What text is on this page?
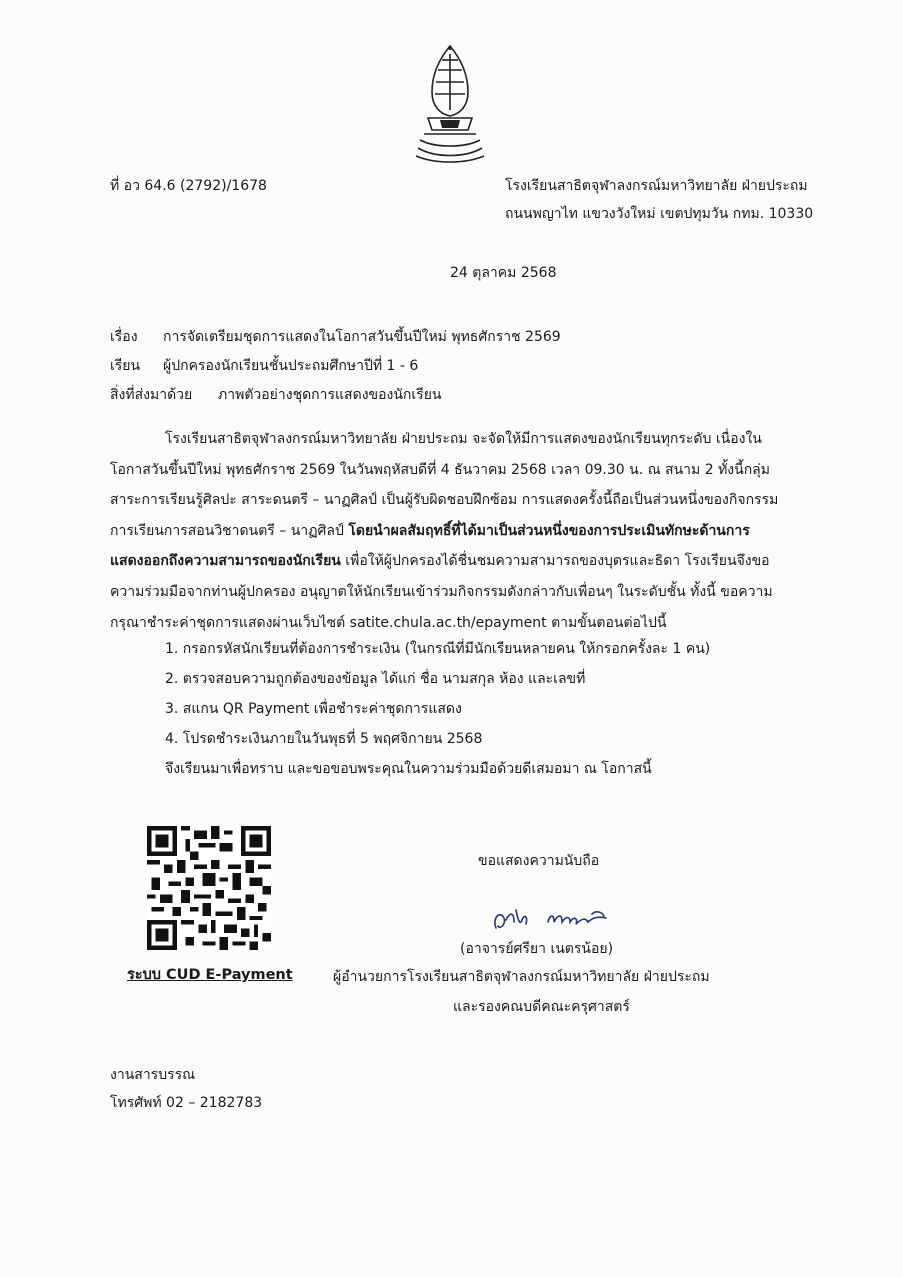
ที่ อว 64.6 (2792)/1678	โรงเรียนสาธิตจุฬาลงกรณ์มหาวิทยาลัย ฝ่ายประถม
ถนนพญาไท แขวงวังใหม่ เขตปทุมวัน กทม. 10330
24 ตุลาคม 2568
เรื่อง การจัดเตรียมชุดการแสดงในโอกาสวันขึ้นปีใหม่ พุทธศักราช 2569
เรียน ผู้ปกครองนักเรียนชั้นประถมศึกษาปีที่ 1 - 6
สิ่งที่ส่งมาด้วย ภาพตัวอย่างชุดการแสดงของนักเรียน
โรงเรียนสาธิตจุฬาลงกรณ์มหาวิทยาลัย ฝ่ายประถม จะจัดให้มีการแสดงของนักเรียนทุกระดับ เนื่องใน
โอกาสวันขึ้นปีใหม่ พุทธศักราช 2569 ในวันพฤหัสบดีที่ 4 ธันวาคม 2568 เวลา 09.30 น. ณ สนาม 2 ทั้งนี้กลุ่ม
สาระการเรียนรู้ศิลปะ สาระดนตรี – นาฏศิลป์ เป็นผู้รับผิดชอบฝึกซ้อม การแสดงครั้งนี้ถือเป็นส่วนหนึ่งของกิจกรรม
การเรียนการสอนวิชาดนตรี – นาฏศิลป์ โดยนำผลสัมฤทธิ์ที่ได้มาเป็นส่วนหนึ่งของการประเมินทักษะด้านการ
แสดงออกถึงความสามารถของนักเรียน เพื่อให้ผู้ปกครองได้ชื่นชมความสามารถของบุตรและธิดา โรงเรียนจึงขอ
ความร่วมมือจากท่านผู้ปกครอง อนุญาตให้นักเรียนเข้าร่วมกิจกรรมดังกล่าวกับเพื่อนๆ ในระดับชั้น ทั้งนี้ ขอความ
กรุณาชำระค่าชุดการแสดงผ่านเว็บไซต์ satite.chula.ac.th/epayment ตามขั้นตอนต่อไปนี้
1. กรอกรหัสนักเรียนที่ต้องการชำระเงิน (ในกรณีที่มีนักเรียนหลายคน ให้กรอกครั้งละ 1 คน)
2. ตรวจสอบความถูกต้องของข้อมูล ได้แก่ ชื่อ นามสกุล ห้อง และเลขที่
3. สแกน QR Payment เพื่อชำระค่าชุดการแสดง
4. โปรดชำระเงินภายในวันพุธที่ 5 พฤศจิกายน 2568
จึงเรียนมาเพื่อทราบ และขอขอบพระคุณในความร่วมมือด้วยดีเสมอมา ณ โอกาสนี้
ระบบ CUD E-Payment
ขอแสดงความนับถือ
(อาจารย์ศรียา เนตรน้อย)
ผู้อำนวยการโรงเรียนสาธิตจุฬาลงกรณ์มหาวิทยาลัย ฝ่ายประถม
และรองคณบดีคณะครุศาสตร์
งานสารบรรณ
โทรศัพท์ 02 – 2182783
